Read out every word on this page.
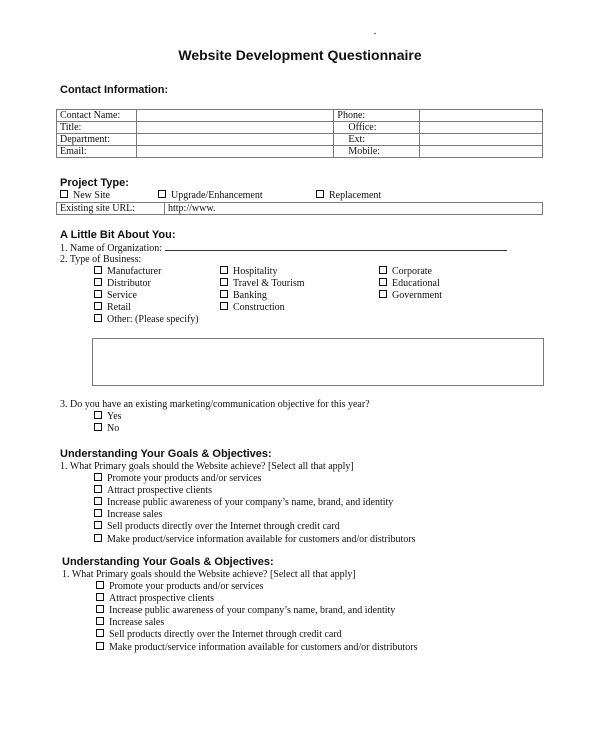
Website Development Questionnaire
Contact Information:
Contact Name:		Phone:	
Title:		Office:	
Department:		Ext:	
Email:		Mobile:	
Project Type:
New Site	Upgrade/Enhancement	Replacement
Existing site URL:	http://www.
A Little Bit About You:
1. Name of Organization:
2. Type of Business:
Manufacturer
Distributor
Service
Retail
Other: (Please specify)
Hospitality
Travel & Tourism
Banking
Construction
Corporate
Educational
Government
3. Do you have an existing marketing/communication objective for this year?
Yes
No
Understanding Your Goals & Objectives:
1. What Primary goals should the Website achieve? [Select all that apply]
Promote your products and/or services
Attract prospective clients
Increase public awareness of your company’s name, brand, and identity
Increase sales
Sell products directly over the Internet through credit card
Make product/service information available for customers and/or distributors
Understanding Your Goals & Objectives:
1. What Primary goals should the Website achieve? [Select all that apply]
Promote your products and/or services
Attract prospective clients
Increase public awareness of your company’s name, brand, and identity
Increase sales
Sell products directly over the Internet through credit card
Make product/service information available for customers and/or distributors
